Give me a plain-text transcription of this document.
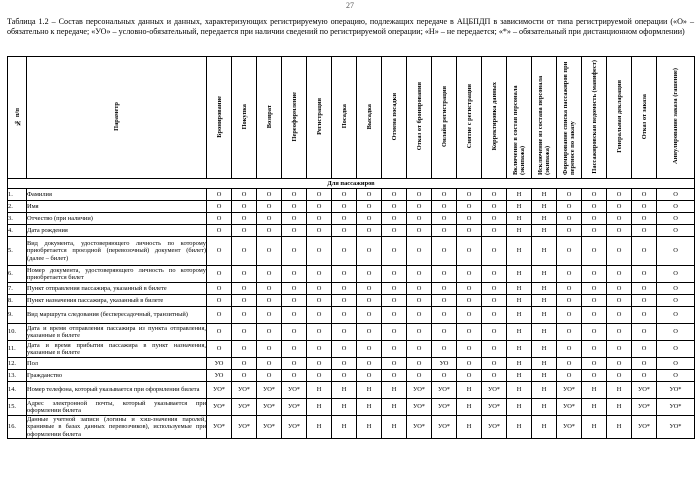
27
Таблица 1.2 – Состав персональных данных и данных, характеризующих регистрируемую операцию, подлежащих передаче в АЦБПДП в зависимости от типа регистрируемой операции («О» – обязательно к передаче; «УО» – условно-обязательный, передается при наличии сведений по регистрируемой операции; «Н» – не передается; «*» – обязательный при дистанционном оформлении)
№ п/п	Параметр	Бронирование	Покупка	Возврат	Переоформление	Регистрация	Посадка	Высадка	Отмена посадки	Отказ от бронирования	Онлайн регистрация	Снятие с регистрации	Корректировка данных	Включение в состав персонала (экипажа)	Исключение из состава персонала (экипажа)	Формирование списка пассажиров при переносе по заказу	Пассажировская ведомость (манифест)	Генеральная декларация	Отказ от заказа	Аннулирование заказа (гашение)
Для пассажиров																				
1.	Фамилия	О	О	О	О	О	О	О	О	О	О	О	О	Н	Н	О	О	О	О	О
2.	Имя	О	О	О	О	О	О	О	О	О	О	О	О	Н	Н	О	О	О	О	О
3.	Отчество (при наличии)	О	О	О	О	О	О	О	О	О	О	О	О	Н	Н	О	О	О	О	О
4.	Дата рождения	О	О	О	О	О	О	О	О	О	О	О	О	Н	Н	О	О	О	О	О
5.	Вид документа, удостоверяющего личность по которому приобретается проездной (перевозочный) документ (билет) (далее – билет)	О	О	О	О	О	О	О	О	О	О	О	О	Н	Н	О	О	О	О	О
6.	Номер документа, удостоверяющего личность по которому приобретается билет	О	О	О	О	О	О	О	О	О	О	О	О	Н	Н	О	О	О	О	О
7.	Пункт отправления пассажира, указанный в билете	О	О	О	О	О	О	О	О	О	О	О	О	Н	Н	О	О	О	О	О
8.	Пункт назначения пассажира, указанный в билете	О	О	О	О	О	О	О	О	О	О	О	О	Н	Н	О	О	О	О	О
9.	Вид маршрута следования (беспересадочный, транзитный)	О	О	О	О	О	О	О	О	О	О	О	О	Н	Н	О	О	О	О	О
10.	Дата и время отправления пассажира из пункта отправления, указанные в билете	О	О	О	О	О	О	О	О	О	О	О	О	Н	Н	О	О	О	О	О
11.	Дата и время прибытия пассажира в пункт назначения, указанные в билете	О	О	О	О	О	О	О	О	О	О	О	О	Н	Н	О	О	О	О	О
12.	Пол	УО	О	О	О	О	О	О	О	О	УО	О	О	Н	Н	О	О	О	О	О
13.	Гражданство	УО	О	О	О	О	О	О	О	О	О	О	О	Н	Н	О	О	О	О	О
14.	Номер телефона, который указывается при оформлении билета	УО*	УО*	УО*	УО*	Н	Н	Н	Н	УО*	УО*	Н	УО*	Н	Н	УО*	Н	Н	УО*	УО*
15.	Адрес электронной почты, который указывается при оформлении билета	УО*	УО*	УО*	УО*	Н	Н	Н	Н	УО*	УО*	Н	УО*	Н	Н	УО*	Н	Н	УО*	УО*
16.	Данные учетной записи (логины и хэш-значения паролей, хранимые в базах данных перевозчиков), используемые при оформлении билета	УО*	УО*	УО*	УО*	Н	Н	Н	Н	УО*	УО*	Н	УО*	Н	Н	УО*	Н	Н	УО*	УО*
